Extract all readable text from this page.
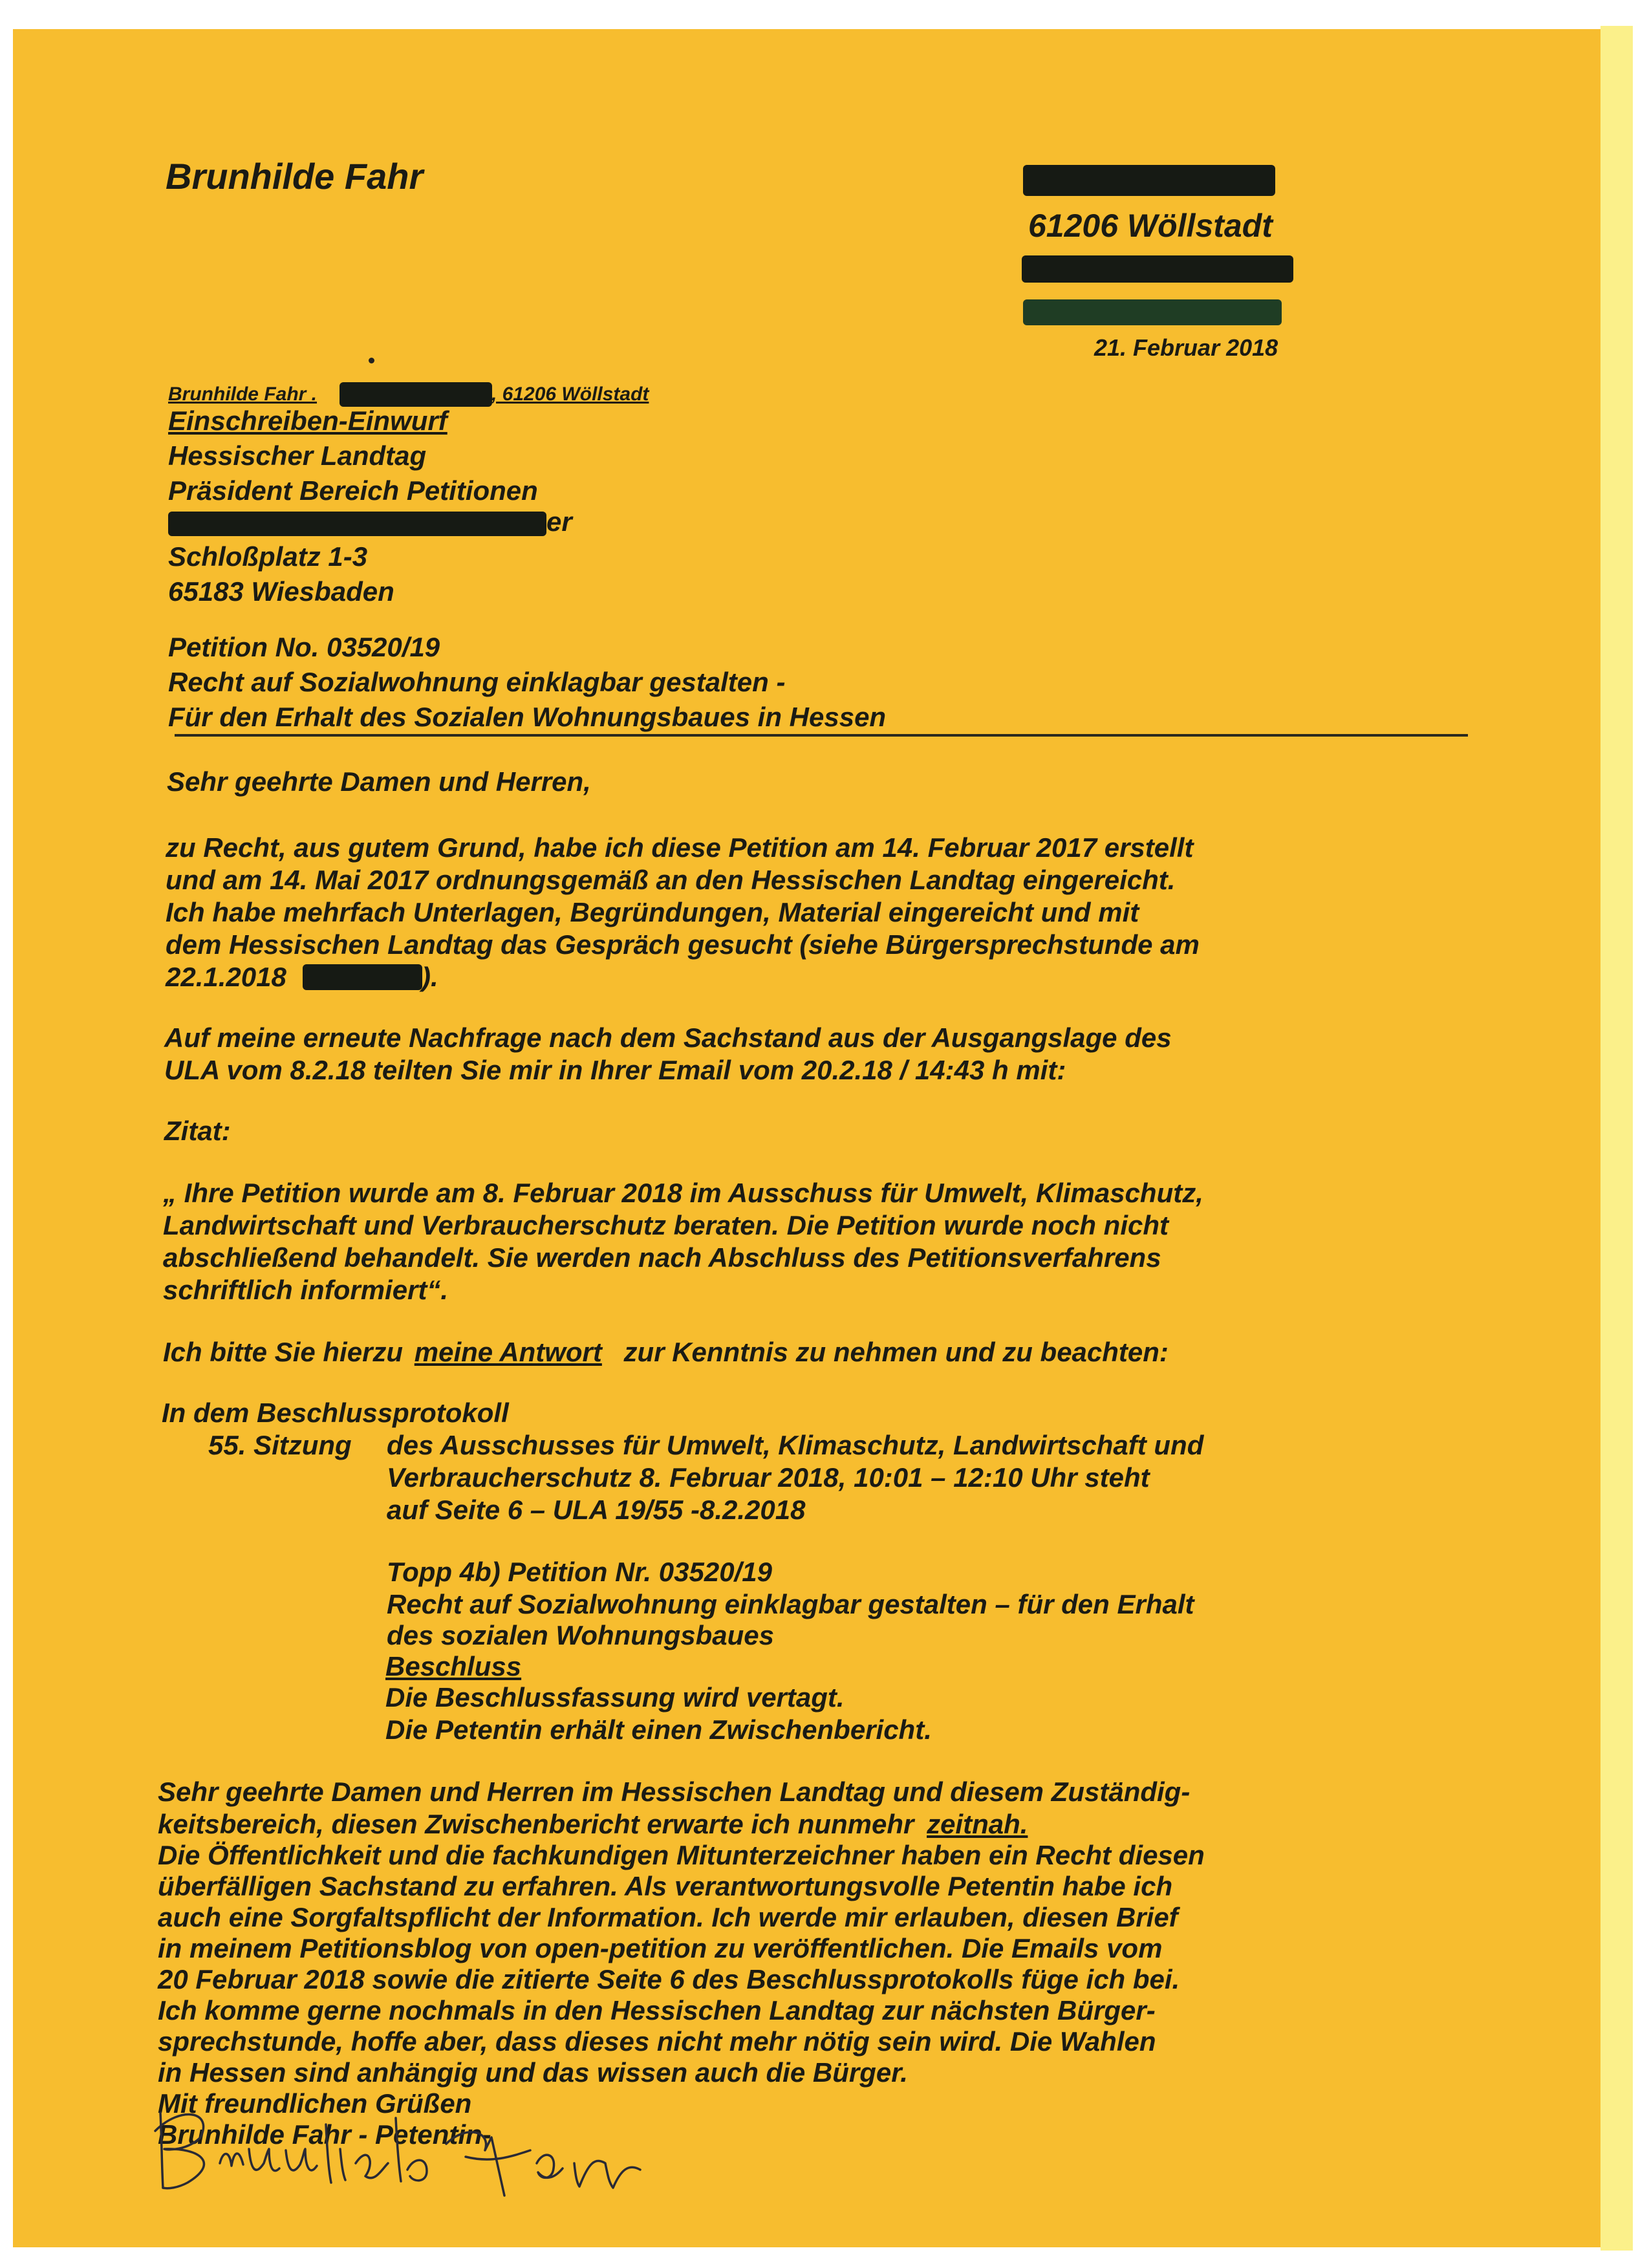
Brunhilde Fahr

61206 Wöllstadt

21. Februar 2018

Brunhilde Fahr .	, 61206 Wöllstadt

Einschreiben-Einwurf

Hessischer Landtag

Präsident Bereich Petitionen

er

Schloßplatz 1-3

65183 Wiesbaden

Petition No. 03520/19

Recht auf Sozialwohnung einklagbar gestalten -

Für den Erhalt des Sozialen Wohnungsbaues in Hessen

Sehr geehrte Damen und Herren,

zu Recht, aus gutem Grund, habe ich diese Petition am 14. Februar 2017 erstellt

und am 14. Mai 2017 ordnungsgemäß an den Hessischen Landtag eingereicht.

Ich habe mehrfach Unterlagen, Begründungen, Material eingereicht und mit

dem Hessischen Landtag das Gespräch gesucht (siehe Bürgersprechstunde am

22.1.2018	).

Auf meine erneute Nachfrage nach dem Sachstand aus der Ausgangslage des

ULA vom 8.2.18 teilten Sie mir in Ihrer Email vom 20.2.18 / 14:43 h mit:

Zitat:

„ Ihre Petition wurde am 8. Februar 2018 im Ausschuss für Umwelt, Klimaschutz,

Landwirtschaft und Verbraucherschutz beraten. Die Petition wurde noch nicht

abschließend behandelt. Sie werden nach Abschluss des Petitionsverfahrens

schriftlich informiert“.

Ich bitte Sie hierzu meine Antwort zur Kenntnis zu nehmen und zu beachten:

In dem Beschlussprotokoll

55. Sitzung des Ausschusses für Umwelt, Klimaschutz, Landwirtschaft und

Verbraucherschutz 8. Februar 2018, 10:01 – 12:10 Uhr steht

auf Seite 6 – ULA 19/55 -8.2.2018

Topp 4b) Petition Nr. 03520/19

Recht auf Sozialwohnung einklagbar gestalten – für den Erhalt

des sozialen Wohnungsbaues

Beschluss

Die Beschlussfassung wird vertagt.

Die Petentin erhält einen Zwischenbericht.

Sehr geehrte Damen und Herren im Hessischen Landtag und diesem Zuständig-

keitsbereich, diesen Zwischenbericht erwarte ich nunmehr zeitnah.

Die Öffentlichkeit und die fachkundigen Mitunterzeichner haben ein Recht diesen

überfälligen Sachstand zu erfahren. Als verantwortungsvolle Petentin habe ich

auch eine Sorgfaltspflicht der Information. Ich werde mir erlauben, diesen Brief

in meinem Petitionsblog von open-petition zu veröffentlichen. Die Emails vom

20 Februar 2018 sowie die zitierte Seite 6 des Beschlussprotokolls füge ich bei.

Ich komme gerne nochmals in den Hessischen Landtag zur nächsten Bürger-

sprechstunde, hoffe aber, dass dieses nicht mehr nötig sein wird. Die Wahlen

in Hessen sind anhängig und das wissen auch die Bürger.

Mit freundlichen Grüßen

Brunhilde Fahr - Petentin-
